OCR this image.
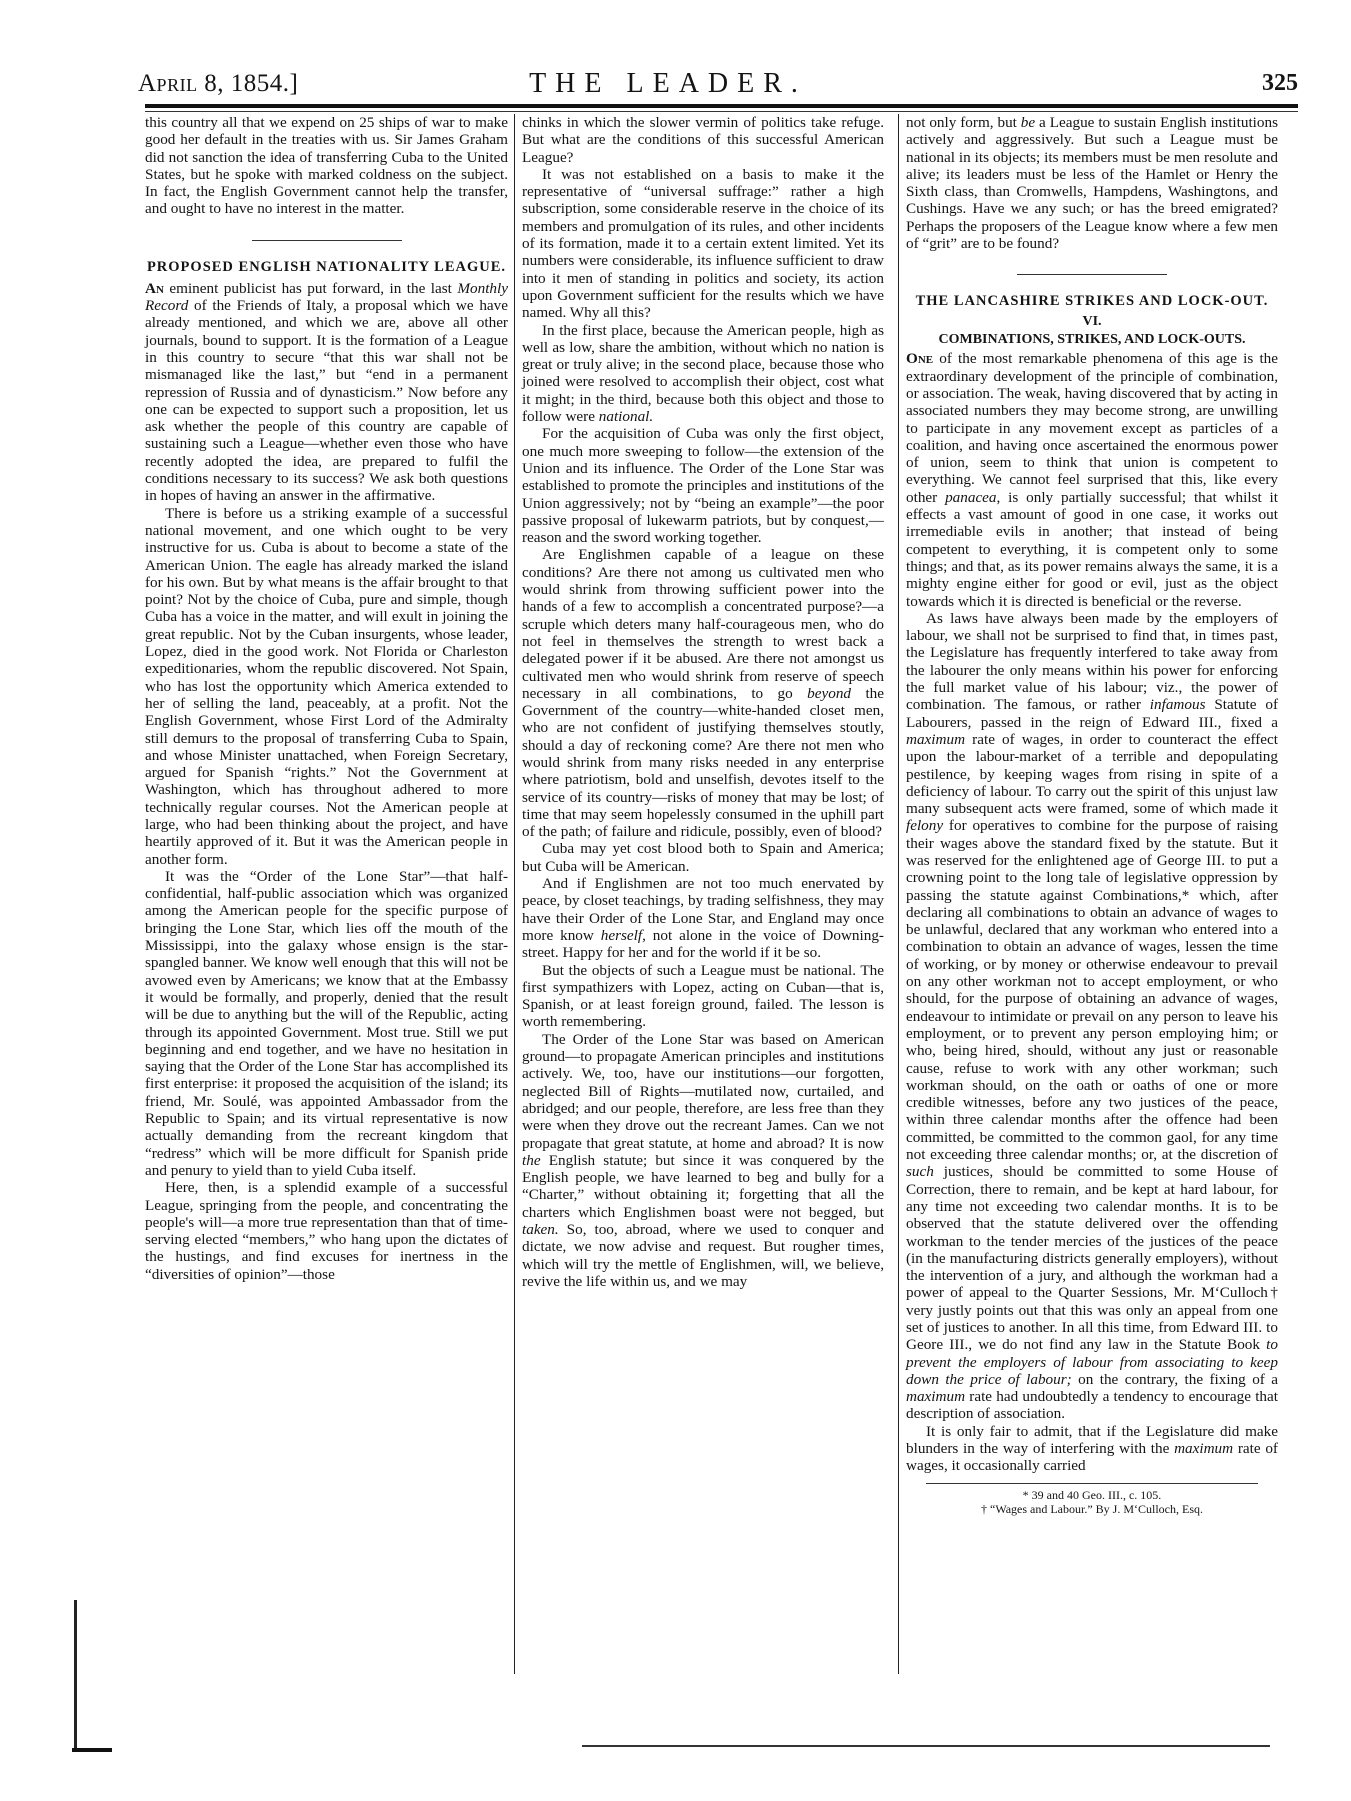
April 8, 1854.]	THE LEADER.	325

this country all that we expend on 25 ships of war to make good her default in the treaties with us. Sir James Graham did not sanction the idea of transferring Cuba to the United States, but he spoke with marked coldness on the subject. In fact, the English Government cannot help the transfer, and ought to have no interest in the matter.

PROPOSED ENGLISH NATIONALITY LEAGUE.

An eminent publicist has put forward, in the last Monthly Record of the Friends of Italy, a proposal which we have already mentioned, and which we are, above all other journals, bound to support. It is the formation of a League in this country to secure “that this war shall not be mismanaged like the last,” but “end in a permanent repression of Russia and of dynasticism.” Now before any one can be expected to support such a proposition, let us ask whether the people of this country are capable of sustaining such a League—whether even those who have recently adopted the idea, are prepared to fulfil the conditions necessary to its success? We ask both questions in hopes of having an answer in the affirmative.

There is before us a striking example of a successful national movement, and one which ought to be very instructive for us. Cuba is about to become a state of the American Union. The eagle has already marked the island for his own. But by what means is the affair brought to that point? Not by the choice of Cuba, pure and simple, though Cuba has a voice in the matter, and will exult in joining the great republic. Not by the Cuban insurgents, whose leader, Lopez, died in the good work. Not Florida or Charleston expeditionaries, whom the republic discovered. Not Spain, who has lost the opportunity which America extended to her of selling the land, peaceably, at a profit. Not the English Government, whose First Lord of the Admiralty still demurs to the proposal of transferring Cuba to Spain, and whose Minister unattached, when Foreign Secretary, argued for Spanish “rights.” Not the Government at Washington, which has throughout adhered to more technically regular courses. Not the American people at large, who had been thinking about the project, and have heartily approved of it. But it was the American people in another form.

It was the “Order of the Lone Star”—that half-confidential, half-public association which was organized among the American people for the specific purpose of bringing the Lone Star, which lies off the mouth of the Mississippi, into the galaxy whose ensign is the star-spangled banner. We know well enough that this will not be avowed even by Americans; we know that at the Embassy it would be formally, and properly, denied that the result will be due to anything but the will of the Republic, acting through its appointed Government. Most true. Still we put beginning and end together, and we have no hesitation in saying that the Order of the Lone Star has accomplished its first enterprise: it proposed the acquisition of the island; its friend, Mr. Soulé, was appointed Ambassador from the Republic to Spain; and its virtual representative is now actually demanding from the recreant kingdom that “redress” which will be more difficult for Spanish pride and penury to yield than to yield Cuba itself.

Here, then, is a splendid example of a successful League, springing from the people, and concentrating the people's will—a more true representation than that of time-serving elected “members,” who hang upon the dictates of the hustings, and find excuses for inertness in the “diversities of opinion”—those

chinks in which the slower vermin of politics take refuge. But what are the conditions of this successful American League?

It was not established on a basis to make it the representative of “universal suffrage:” rather a high subscription, some considerable reserve in the choice of its members and promulgation of its rules, and other incidents of its formation, made it to a certain extent limited. Yet its numbers were considerable, its influence sufficient to draw into it men of standing in politics and society, its action upon Government sufficient for the results which we have named. Why all this?

In the first place, because the American people, high as well as low, share the ambition, without which no nation is great or truly alive; in the second place, because those who joined were resolved to accomplish their object, cost what it might; in the third, because both this object and those to follow were national.

For the acquisition of Cuba was only the first object, one much more sweeping to follow—the extension of the Union and its influence. The Order of the Lone Star was established to promote the principles and institutions of the Union aggressively; not by “being an example”—the poor passive proposal of lukewarm patriots, but by conquest,—reason and the sword working together.

Are Englishmen capable of a league on these conditions? Are there not among us cultivated men who would shrink from throwing sufficient power into the hands of a few to accomplish a concentrated purpose?—a scruple which deters many half-courageous men, who do not feel in themselves the strength to wrest back a delegated power if it be abused. Are there not amongst us cultivated men who would shrink from reserve of speech necessary in all combinations, to go beyond the Government of the country—white-handed closet men, who are not confident of justifying themselves stoutly, should a day of reckoning come? Are there not men who would shrink from many risks needed in any enterprise where patriotism, bold and unselfish, devotes itself to the service of its country—risks of money that may be lost; of time that may seem hopelessly consumed in the uphill part of the path; of failure and ridicule, possibly, even of blood?

Cuba may yet cost blood both to Spain and America; but Cuba will be American.

And if Englishmen are not too much enervated by peace, by closet teachings, by trading selfishness, they may have their Order of the Lone Star, and England may once more know herself, not alone in the voice of Downing-street. Happy for her and for the world if it be so.

But the objects of such a League must be national. The first sympathizers with Lopez, acting on Cuban—that is, Spanish, or at least foreign ground, failed. The lesson is worth remembering.

The Order of the Lone Star was based on American ground—to propagate American principles and institutions actively. We, too, have our institutions—our forgotten, neglected Bill of Rights—mutilated now, curtailed, and abridged; and our people, therefore, are less free than they were when they drove out the recreant James. Can we not propagate that great statute, at home and abroad? It is now the English statute; but since it was conquered by the English people, we have learned to beg and bully for a “Charter,” without obtaining it; forgetting that all the charters which Englishmen boast were not begged, but taken. So, too, abroad, where we used to conquer and dictate, we now advise and request. But rougher times, which will try the mettle of Englishmen, will, we believe, revive the life within us, and we may

not only form, but be a League to sustain English institutions actively and aggressively. But such a League must be national in its objects; its members must be men resolute and alive; its leaders must be less of the Hamlet or Henry the Sixth class, than Cromwells, Hampdens, Washingtons, and Cushings. Have we any such; or has the breed emigrated? Perhaps the proposers of the League know where a few men of “grit” are to be found?

THE LANCASHIRE STRIKES AND LOCK-OUT.
VI.
COMBINATIONS, STRIKES, AND LOCK-OUTS.

One of the most remarkable phenomena of this age is the extraordinary development of the principle of combination, or association. The weak, having discovered that by acting in associated numbers they may become strong, are unwilling to participate in any movement except as particles of a coalition, and having once ascertained the enormous power of union, seem to think that union is competent to everything. We cannot feel surprised that this, like every other panacea, is only partially successful; that whilst it effects a vast amount of good in one case, it works out irremediable evils in another; that instead of being competent to everything, it is competent only to some things; and that, as its power remains always the same, it is a mighty engine either for good or evil, just as the object towards which it is directed is beneficial or the reverse.

As laws have always been made by the employers of labour, we shall not be surprised to find that, in times past, the Legislature has frequently interfered to take away from the labourer the only means within his power for enforcing the full market value of his labour; viz., the power of combination. The famous, or rather infamous Statute of Labourers, passed in the reign of Edward III., fixed a maximum rate of wages, in order to counteract the effect upon the labour-market of a terrible and depopulating pestilence, by keeping wages from rising in spite of a deficiency of labour. To carry out the spirit of this unjust law many subsequent acts were framed, some of which made it felony for operatives to combine for the purpose of raising their wages above the standard fixed by the statute. But it was reserved for the enlightened age of George III. to put a crowning point to the long tale of legislative oppression by passing the statute against Combinations,* which, after declaring all combinations to obtain an advance of wages to be unlawful, declared that any workman who entered into a combination to obtain an advance of wages, lessen the time of working, or by money or otherwise endeavour to prevail on any other workman not to accept employment, or who should, for the purpose of obtaining an advance of wages, endeavour to intimidate or prevail on any person to leave his employment, or to prevent any person employing him; or who, being hired, should, without any just or reasonable cause, refuse to work with any other workman; such workman should, on the oath or oaths of one or more credible witnesses, before any two justices of the peace, within three calendar months after the offence had been committed, be committed to the common gaol, for any time not exceeding three calendar months; or, at the discretion of such justices, should be committed to some House of Correction, there to remain, and be kept at hard labour, for any time not exceeding two calendar months. It is to be observed that the statute delivered over the offending workman to the tender mercies of the justices of the peace (in the manufacturing districts generally employers), without the intervention of a jury, and although the workman had a power of appeal to the Quarter Sessions, Mr. M‘Culloch† very justly points out that this was only an appeal from one set of justices to another. In all this time, from Edward III. to Geore III., we do not find any law in the Statute Book to prevent the employers of labour from associating to keep down the price of labour; on the contrary, the fixing of a maximum rate had undoubtedly a tendency to encourage that description of association.

It is only fair to admit, that if the Legislature did make blunders in the way of interfering with the maximum rate of wages, it occasionally carried

* 39 and 40 Geo. III., c. 105.
† “Wages and Labour.” By J. M‘Culloch, Esq.
